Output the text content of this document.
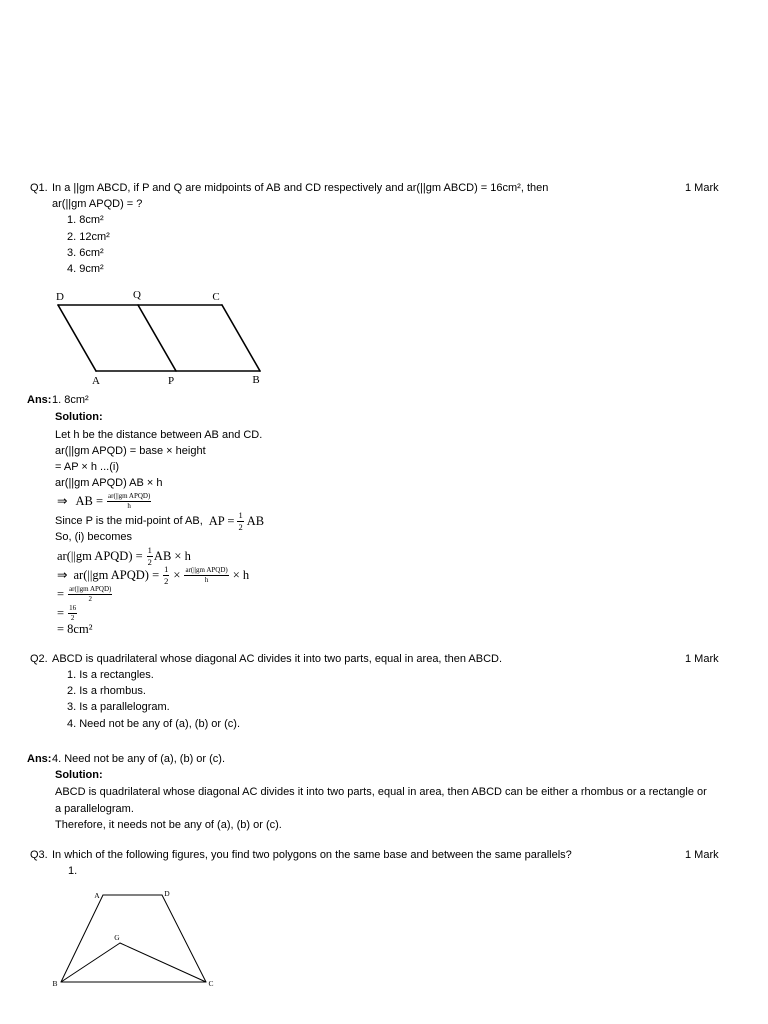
Q1. In a ||gm ABCD, if P and Q are midpoints of AB and CD respectively and ar(||gm ABCD) = 16cm², then	1 Mark
ar(||gm APQD) = ?
1. 8cm²
2. 12cm²
3. 6cm²
4. 9cm²
D	Q	C
A	P	B
Ans: 1. 8cm²
Solution:
Let h be the distance between AB and CD.
ar(||gm APQD) = base × height
= AP × h ...(i)
ar(||gm APQD) AB × h
⇒ AB = $\frac{\text{ar(||gm APQD)}}{h}$
Since P is the mid-point of AB, AP = $\frac{1}{2}$ AB
So, (i) becomes
ar(||gm APQD) = $\frac{1}{2}$ AB × h
⇒ ar(||gm APQD) = $\frac{1}{2} \times \frac{\text{ar(||gm APQD)}}{h} \times h$
= $\frac{\text{ar(||gm APQD)}}{2}$
= $\frac{16}{2}$
= 8cm²
Q2. ABCD is quadrilateral whose diagonal AC divides it into two parts, equal in area, then ABCD.	1 Mark
1. Is a rectangles.
2. Is a rhombus.
3. Is a parallelogram.
4. Need not be any of (a), (b) or (c).
Ans: 4. Need not be any of (a), (b) or (c).
Solution:
ABCD is quadrilateral whose diagonal AC divides it into two parts, equal in area, then ABCD can be either a rhombus or a rectangle or
a parallelogram.
Therefore, it needs not be any of (a), (b) or (c).
Q3. In which of the following figures, you find two polygons on the same base and between the same parallels?	1 Mark
1.
A	D
G
B	C
